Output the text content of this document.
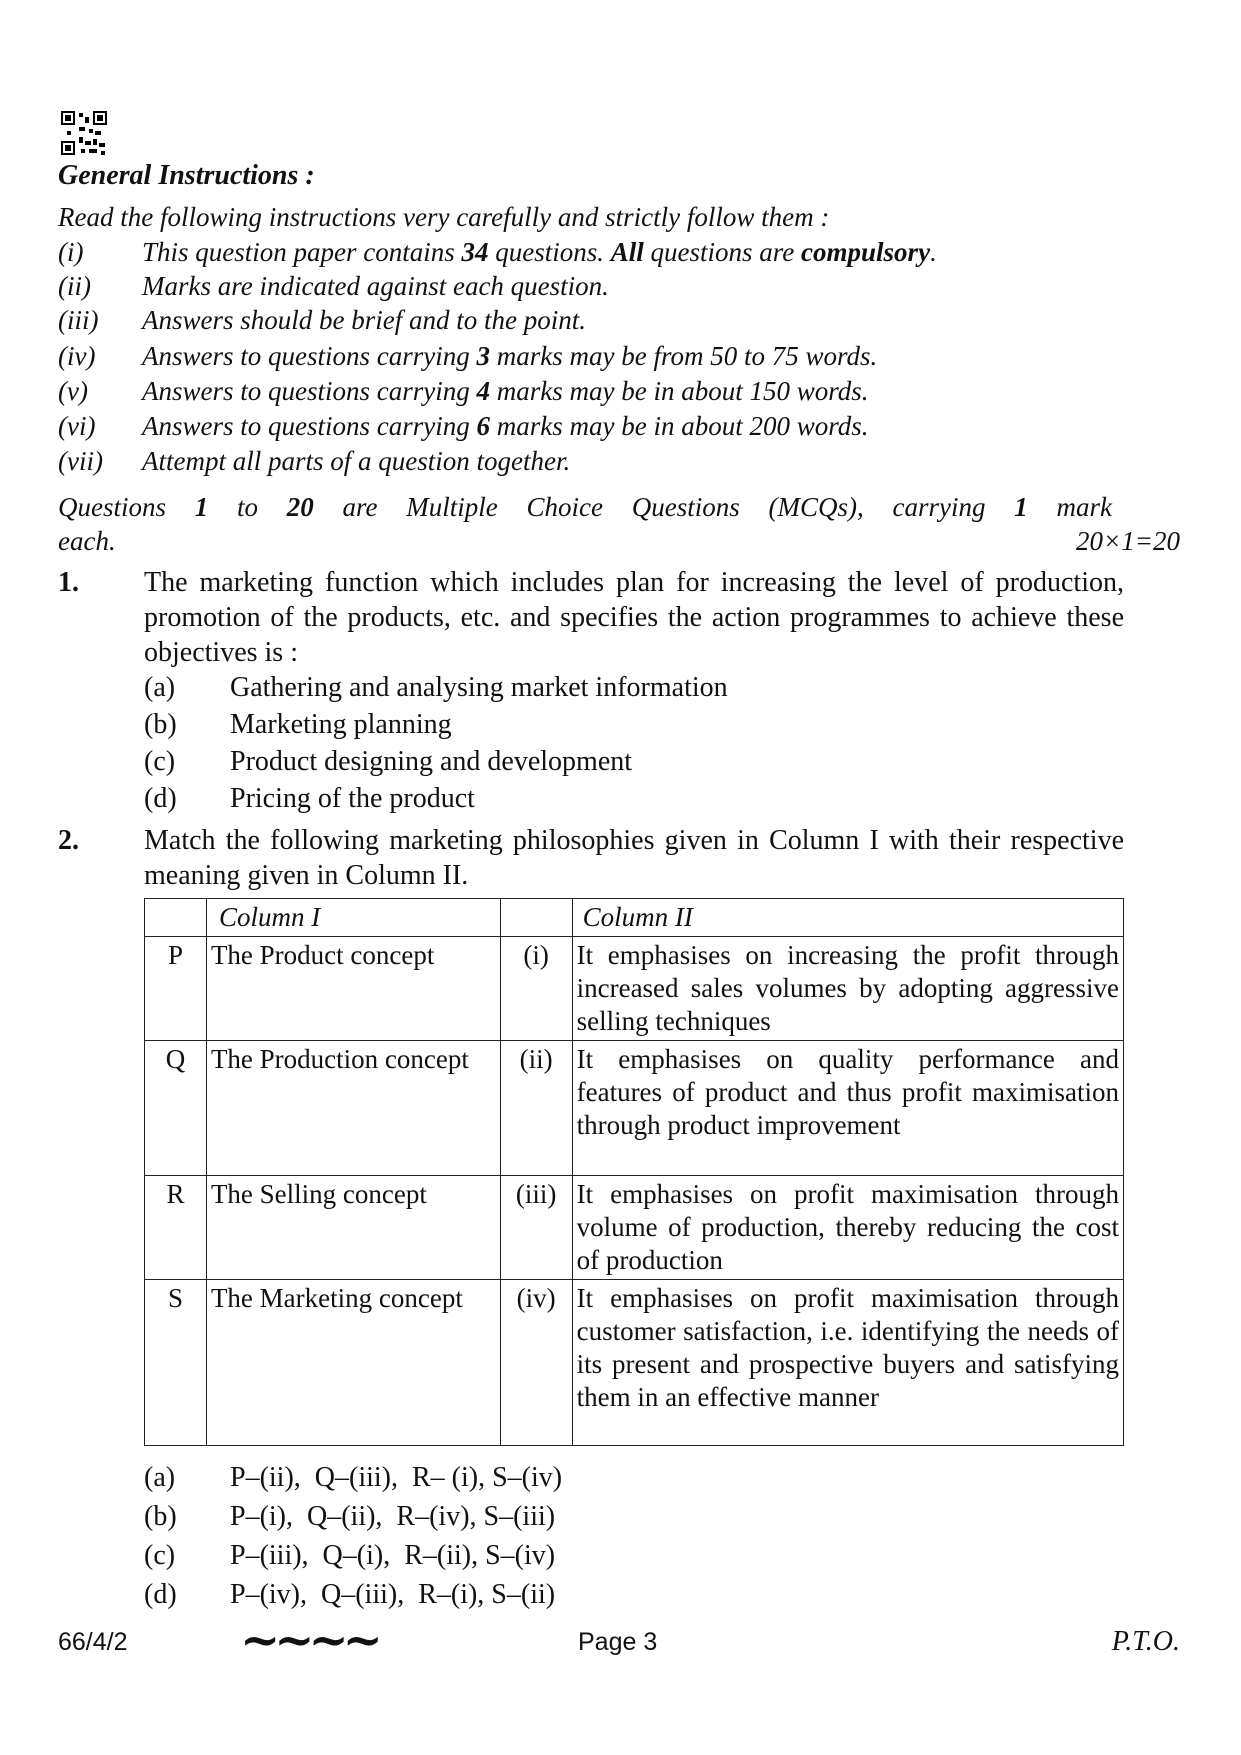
General Instructions :
Read the following instructions very carefully and strictly follow them :
(i) This question paper contains 34 questions. All questions are compulsory.
(ii) Marks are indicated against each question.
(iii) Answers should be brief and to the point.
(iv) Answers to questions carrying 3 marks may be from 50 to 75 words.
(v) Answers to questions carrying 4 marks may be in about 150 words.
(vi) Answers to questions carrying 6 marks may be in about 200 words.
(vii) Attempt all parts of a question together.
Questions 1 to 20 are Multiple Choice Questions (MCQs), carrying 1 mark
each.	20×1=20
1. The marketing function which includes plan for increasing the level of production, promotion of the products, etc. and specifies the action programmes to achieve these objectives is :
(a) Gathering and analysing market information
(b) Marketing planning
(c) Product designing and development
(d) Pricing of the product
2. Match the following marketing philosophies given in Column I with their respective meaning given in Column II.
	Column I		Column II
P	The Product concept	(i)	It emphasises on increasing the profit through increased sales volumes by adopting aggressive selling techniques
Q	The Production concept	(ii)	It emphasises on quality performance and features of product and thus profit maximisation through product improvement
R	The Selling concept	(iii)	It emphasises on profit maximisation through volume of production, thereby reducing the cost of production
S	The Marketing concept	(iv)	It emphasises on profit maximisation through customer satisfaction, i.e. identifying the needs of its present and prospective buyers and satisfying them in an effective manner
(a) P–(ii),  Q–(iii),  R– (i), S–(iv)
(b) P–(i),  Q–(ii),  R–(iv), S–(iii)
(c) P–(iii),  Q–(i),  R–(ii), S–(iv)
(d) P–(iv),  Q–(iii),  R–(i), S–(ii)
66/4/2 ~~~~	Page 3	P.T.O.
